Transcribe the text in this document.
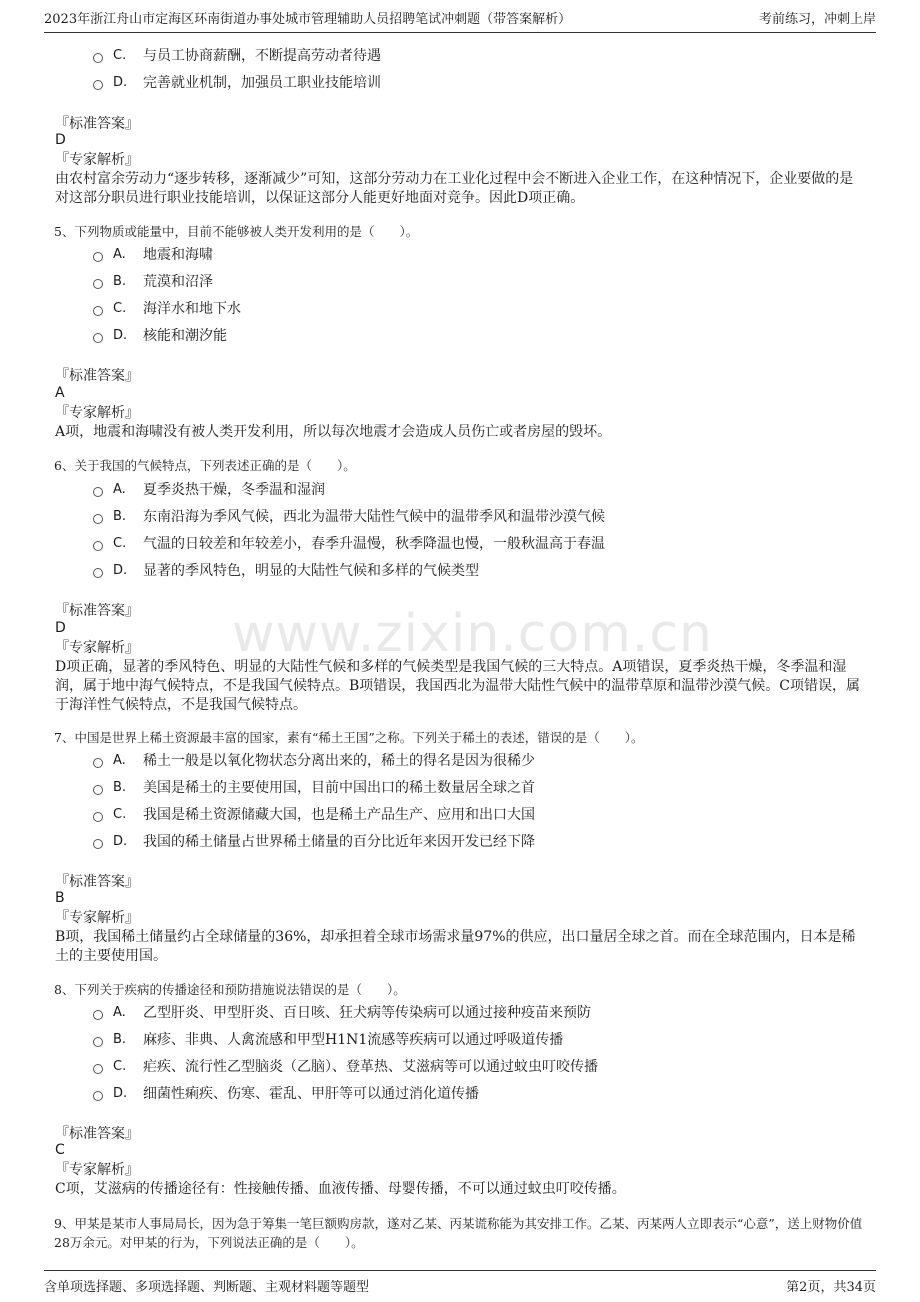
2023年浙江舟山市定海区环南街道办事处城市管理辅助人员招聘笔试冲刺题（带答案解析）	考前练习，冲刺上岸
www.zixin.com.cn
C.	与员工协商薪酬，不断提高劳动者待遇
D.	完善就业机制，加强员工职业技能培训
『标准答案』
D
『专家解析』
由农村富余劳动力“逐步转移，逐渐减少”可知，这部分劳动力在工业化过程中会不断进入企业工作，在这种情况下，企业要做的是对这部分职员进行职业技能培训，以保证这部分人能更好地面对竞争。因此D项正确。
5、下列物质或能量中，目前不能够被人类开发利用的是（　　）。
A.	地震和海啸
B.	荒漠和沼泽
C.	海洋水和地下水
D.	核能和潮汐能
『标准答案』
A
『专家解析』
A项，地震和海啸没有被人类开发利用，所以每次地震才会造成人员伤亡或者房屋的毁坏。
6、关于我国的气候特点，下列表述正确的是（　　）。
A.	夏季炎热干燥，冬季温和湿润
B.	东南沿海为季风气候，西北为温带大陆性气候中的温带季风和温带沙漠气候
C.	气温的日较差和年较差小，春季升温慢，秋季降温也慢，一般秋温高于春温
D.	显著的季风特色，明显的大陆性气候和多样的气候类型
『标准答案』
D
『专家解析』
D项正确，显著的季风特色、明显的大陆性气候和多样的气候类型是我国气候的三大特点。A项错误，夏季炎热干燥，冬季温和湿润，属于地中海气候特点，不是我国气候特点。B项错误，我国西北为温带大陆性气候中的温带草原和温带沙漠气候。C项错误，属于海洋性气候特点，不是我国气候特点。
7、中国是世界上稀土资源最丰富的国家，素有“稀土王国”之称。下列关于稀土的表述，错误的是（　　）。
A.	稀土一般是以氧化物状态分离出来的，稀土的得名是因为很稀少
B.	美国是稀土的主要使用国，目前中国出口的稀土数量居全球之首
C.	我国是稀土资源储藏大国，也是稀土产品生产、应用和出口大国
D.	我国的稀土储量占世界稀土储量的百分比近年来因开发已经下降
『标准答案』
B
『专家解析』
B项，我国稀土储量约占全球储量的36%，却承担着全球市场需求量97%的供应，出口量居全球之首。而在全球范围内，日本是稀土的主要使用国。
8、下列关于疾病的传播途径和预防措施说法错误的是（　　）。
A.	乙型肝炎、甲型肝炎、百日咳、狂犬病等传染病可以通过接种疫苗来预防
B.	麻疹、非典、人禽流感和甲型H1N1流感等疾病可以通过呼吸道传播
C.	疟疾、流行性乙型脑炎（乙脑）、登革热、艾滋病等可以通过蚊虫叮咬传播
D.	细菌性痢疾、伤寒、霍乱、甲肝等可以通过消化道传播
『标准答案』
C
『专家解析』
C项，艾滋病的传播途径有：性接触传播、血液传播、母婴传播，不可以通过蚊虫叮咬传播。
9、甲某是某市人事局局长，因为急于筹集一笔巨额购房款，遂对乙某、丙某谎称能为其安排工作。乙某、丙某两人立即表示“心意”，送上财物价值28万余元。对甲某的行为，下列说法正确的是（　　）。
含单项选择题、多项选择题、判断题、主观材料题等题型	第2页，共34页
